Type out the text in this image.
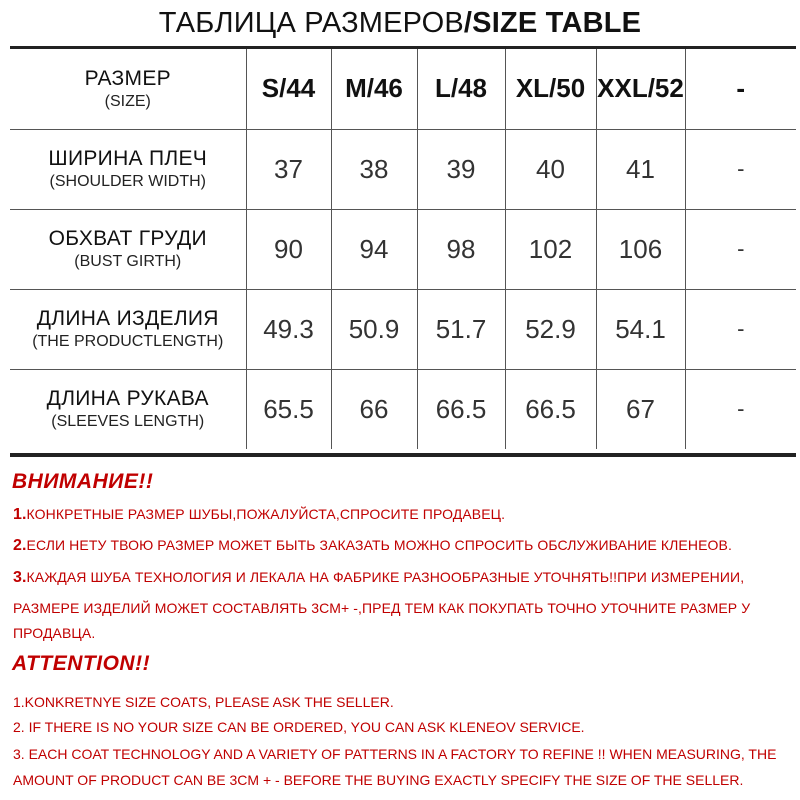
ТАБЛИЦА РАЗМЕРОВ/SIZE TABLE
РАЗМЕР
(SIZE)	S/44	M/46	L/48	XL/50	XXL/52	-

ШИРИНА ПЛЕЧ
(SHOULDER WIDTH)	37	38	39	40	41	-

ОБХВАТ ГРУДИ
(BUST GIRTH)	90	94	98	102	106	-

ДЛИНА ИЗДЕЛИЯ
(THE PRODUCTLENGTH)	49.3	50.9	51.7	52.9	54.1	-

ДЛИНА РУКАВА
(SLEEVES LENGTH)	65.5	66	66.5	66.5	67	-
ВНИМАНИЕ!!
1.КОНКРЕТНЫЕ РАЗМЕР ШУБЫ,ПОЖАЛУЙСТА,СПРОСИТЕ ПРОДАВЕЦ.
2.ЕСЛИ НЕТУ ТВОЮ РАЗМЕР МОЖЕТ БЫТЬ ЗАКАЗАТЬ МОЖНО СПРОСИТЬ ОБСЛУЖИВАНИЕ КЛЕНЕОВ.
3.КАЖДАЯ ШУБА ТЕХНОЛОГИЯ И ЛЕКАЛА НА ФАБРИКЕ РАЗНООБРАЗНЫЕ УТОЧНЯТЬ!!ПРИ ИЗМЕРЕНИИ,
РАЗМЕРЕ ИЗДЕЛИЙ МОЖЕТ СОСТАВЛЯТЬ 3СМ+ -,ПРЕД ТЕМ КАК ПОКУПАТЬ ТОЧНО УТОЧНИТЕ РАЗМЕР У
ПРОДАВЦА.
ATTENTION!!
1.KONKRETNYE SIZE COATS, PLEASE ASK THE SELLER.
2. IF THERE IS NO YOUR SIZE CAN BE ORDERED, YOU CAN ASK KLENEOV SERVICE.
3. EACH COAT TECHNOLOGY AND A VARIETY OF PATTERNS IN A FACTORY TO REFINE !! WHEN MEASURING, THE
AMOUNT OF PRODUCT CAN BE 3CM + - BEFORE THE BUYING EXACTLY SPECIFY THE SIZE OF THE SELLER.
